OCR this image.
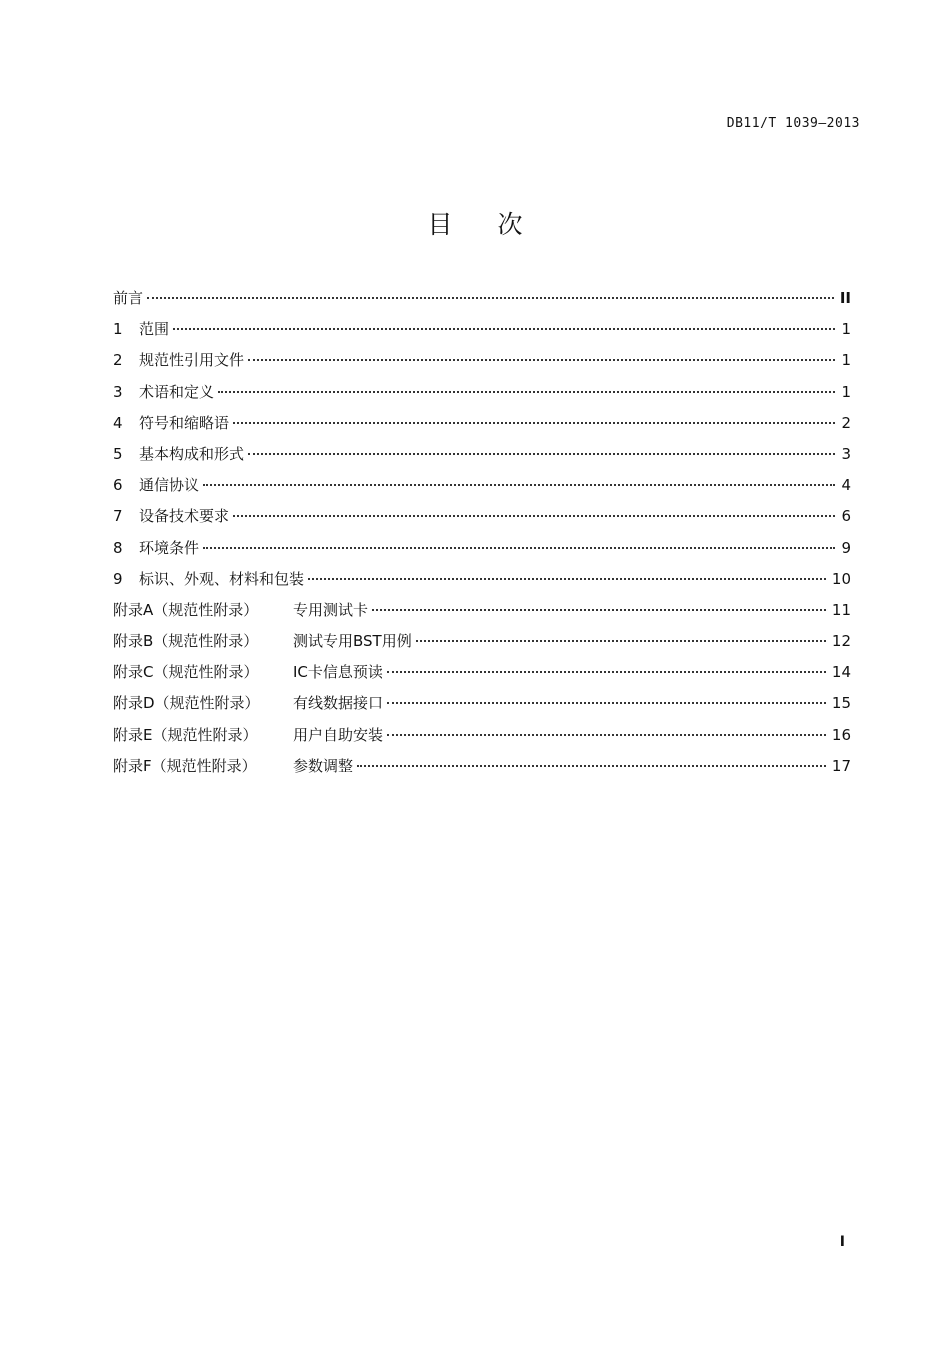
DB11/T 1039—2013
目次
前言	II
1	范围	1
2	规范性引用文件	1
3	术语和定义	1
4	符号和缩略语	2
5	基本构成和形式	3
6	通信协议	4
7	设备技术要求	6
8	环境条件	9
9	标识、外观、材料和包装	10
附录A（规范性附录）	专用测试卡	11
附录B（规范性附录）	测试专用BST用例	12
附录C（规范性附录）	IC卡信息预读	14
附录D（规范性附录）	有线数据接口	15
附录E（规范性附录）	用户自助安装	16
附录F（规范性附录）	参数调整	17
I
